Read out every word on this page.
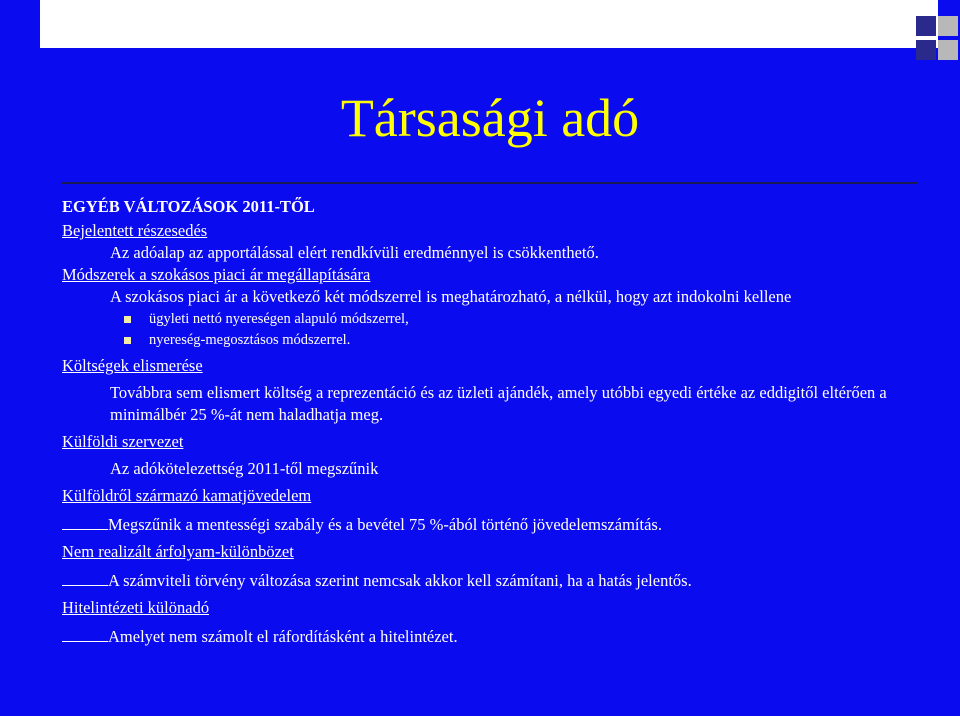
Társasági adó
EGYÉB VÁLTOZÁSOK 2011-TŐL
Bejelentett részesedés
Az adóalap az apportálással elért rendkívüli eredménnyel is csökkenthető.
Módszerek a szokásos piaci ár megállapítására
A szokásos piaci ár a következő két módszerrel is meghatározható, a nélkül, hogy azt indokolni kellene
ügyleti nettó nyereségen alapuló módszerrel,
nyereség-megosztásos módszerrel.
Költségek elismerése
Továbbra sem elismert költség a reprezentáció és az üzleti ajándék, amely utóbbi egyedi értéke az eddigitől eltérően a minimálbér 25 %-át nem haladhatja meg.
Külföldi szervezet
Az adókötelezettség 2011-től megszűnik
Külföldről származó kamatjövedelem
Megszűnik a mentességi szabály és a bevétel 75 %-ából történő jövedelemszámítás.
Nem realizált árfolyam-különbözet
A számviteli törvény változása szerint nemcsak akkor kell számítani, ha a hatás jelentős.
Hitelintézeti különadó
Amelyet nem számolt el ráfordításként a hitelintézet.
